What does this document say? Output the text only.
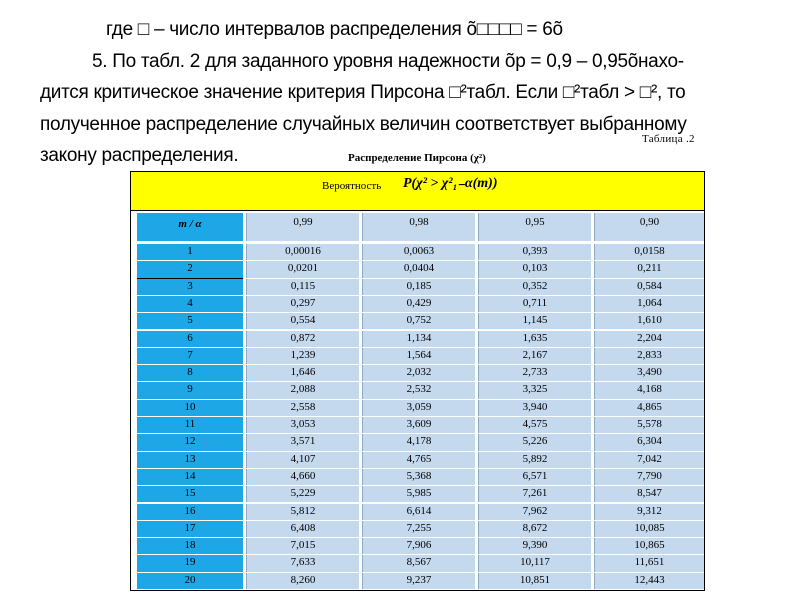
где □ – число интервалов распределения õ□□□□ = 6õ
5. По табл. 2 для заданного уровня надежности õp = 0,9 – 0,95õнахо-
дится критическое значение критерия Пирсона □²табл. Если □²табл > □², то
полученное распределение случайных величин соответствует выбранному
закону распределения.
Таблица .2
Распределение Пирсона (χ²)
Вероятность P(χ² > χ²₁₋α(m))
m / α	0,99	0,98	0,95	0,90
1	0,00016	0,0063	0,393	0,0158
2	0,0201	0,0404	0,103	0,211
3	0,115	0,185	0,352	0,584
4	0,297	0,429	0,711	1,064
5	0,554	0,752	1,145	1,610
6	0,872	1,134	1,635	2,204
7	1,239	1,564	2,167	2,833
8	1,646	2,032	2,733	3,490
9	2,088	2,532	3,325	4,168
10	2,558	3,059	3,940	4,865
11	3,053	3,609	4,575	5,578
12	3,571	4,178	5,226	6,304
13	4,107	4,765	5,892	7,042
14	4,660	5,368	6,571	7,790
15	5,229	5,985	7,261	8,547
16	5,812	6,614	7,962	9,312
17	6,408	7,255	8,672	10,085
18	7,015	7,906	9,390	10,865
19	7,633	8,567	10,117	11,651
20	8,260	9,237	10,851	12,443
